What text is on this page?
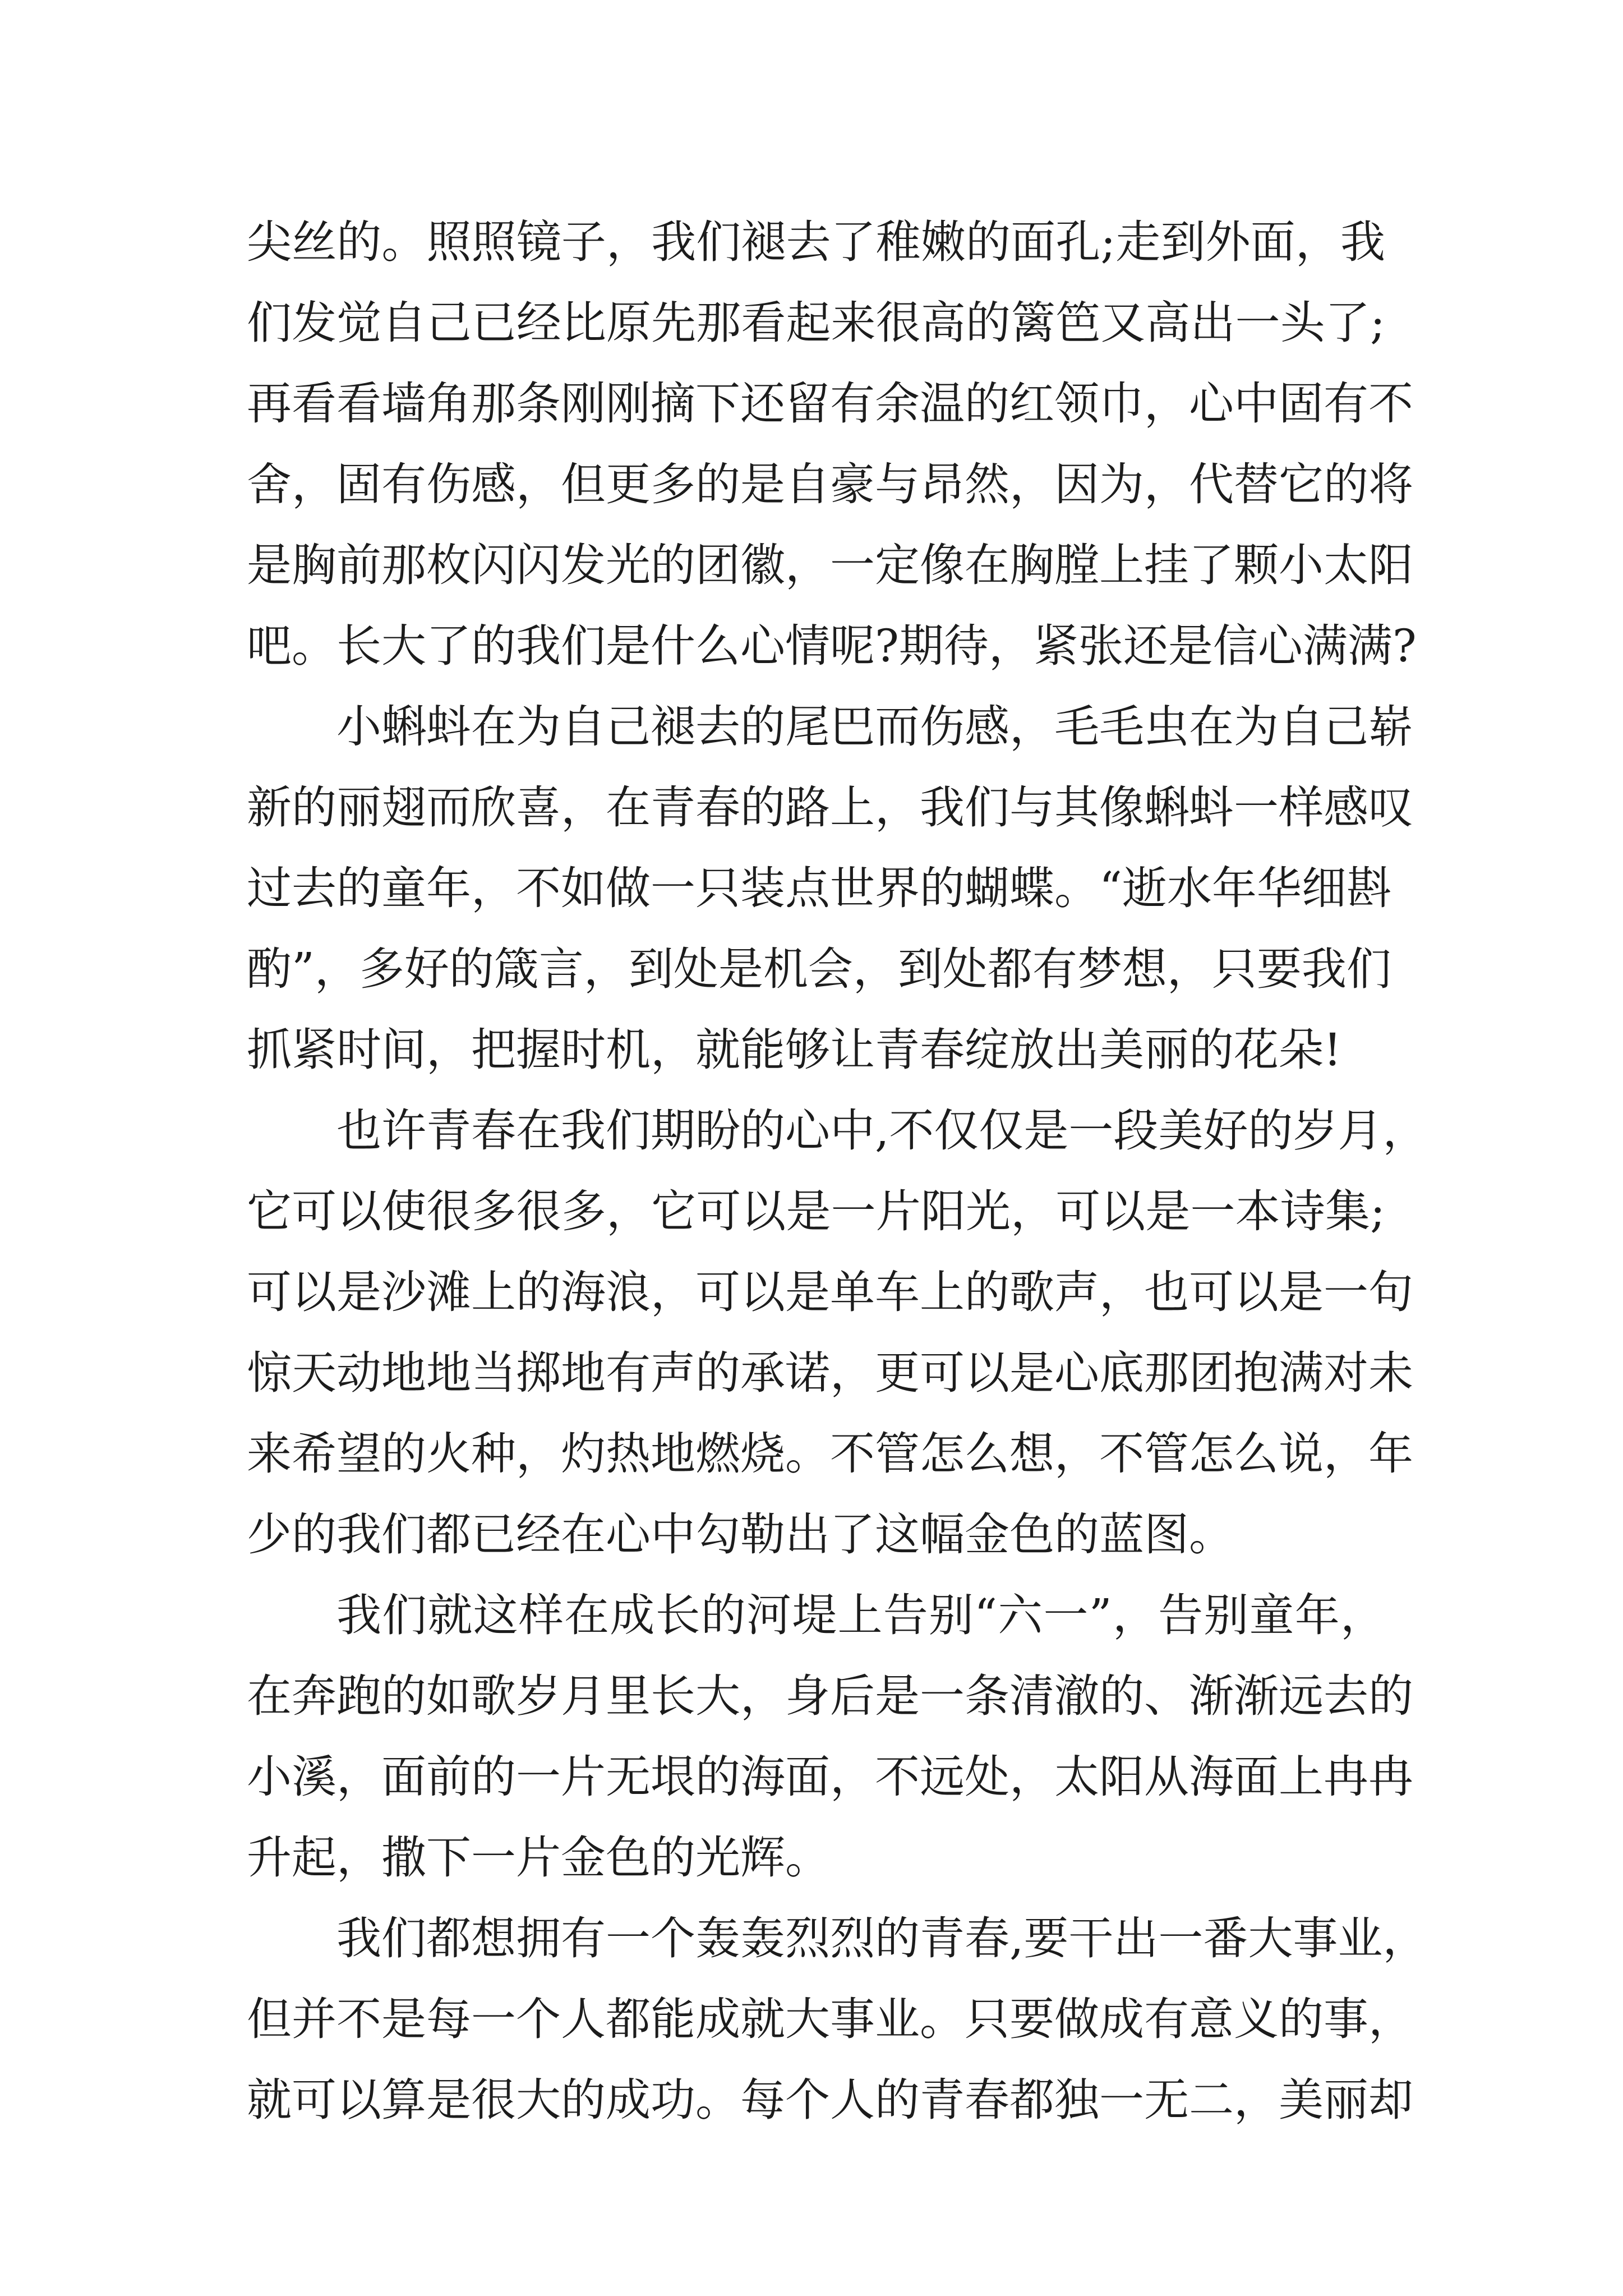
尖丝的。照照镜子，我们褪去了稚嫩的面孔;走到外面，我
们发觉自己已经比原先那看起来很高的篱笆又高出一头了;
再看看墙角那条刚刚摘下还留有余温的红领巾，心中固有不
舍，固有伤感，但更多的是自豪与昂然，因为，代替它的将
是胸前那枚闪闪发光的团徽，一定像在胸膛上挂了颗小太阳
吧。长大了的我们是什么心情呢?期待，紧张还是信心满满?
小蝌蚪在为自己褪去的尾巴而伤感，毛毛虫在为自己崭
新的丽翅而欣喜，在青春的路上，我们与其像蝌蚪一样感叹
过去的童年，不如做一只装点世界的蝴蝶。“逝水年华细斟
酌”，多好的箴言，到处是机会，到处都有梦想，只要我们
抓紧时间，把握时机，就能够让青春绽放出美丽的花朵!
也许青春在我们期盼的心中,不仅仅是一段美好的岁月，
它可以使很多很多，它可以是一片阳光，可以是一本诗集;
可以是沙滩上的海浪，可以是单车上的歌声，也可以是一句
惊天动地地当掷地有声的承诺，更可以是心底那团抱满对未
来希望的火种，灼热地燃烧。不管怎么想，不管怎么说，年
少的我们都已经在心中勾勒出了这幅金色的蓝图。
我们就这样在成长的河堤上告别“六一”，告别童年，
在奔跑的如歌岁月里长大，身后是一条清澈的、渐渐远去的
小溪，面前的一片无垠的海面，不远处，太阳从海面上冉冉
升起，撒下一片金色的光辉。
我们都想拥有一个轰轰烈烈的青春,要干出一番大事业，
但并不是每一个人都能成就大事业。只要做成有意义的事，
就可以算是很大的成功。每个人的青春都独一无二，美丽却
